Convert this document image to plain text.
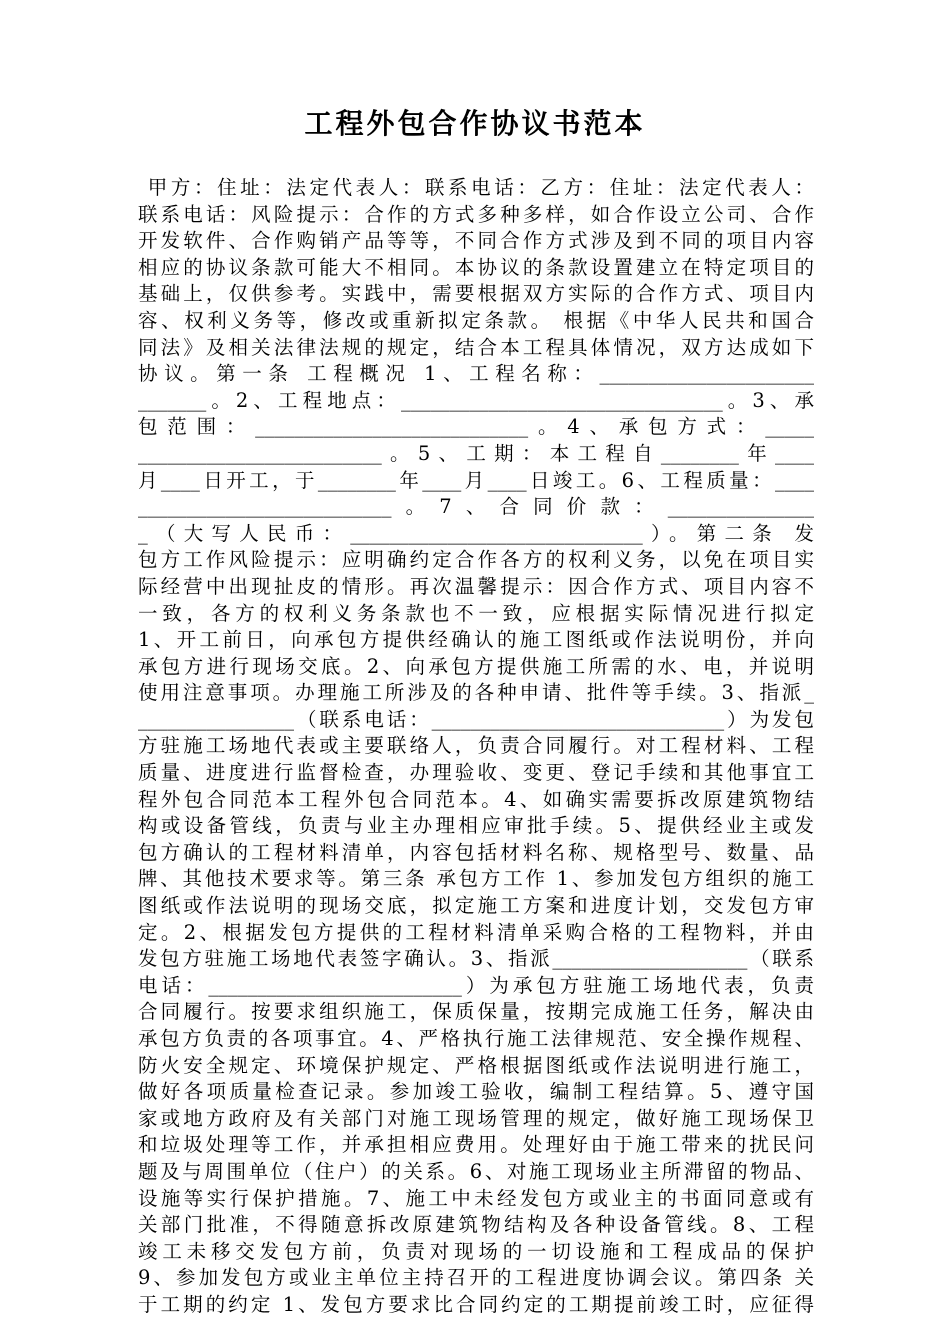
工程外包合作协议书范本
甲方：住址：法定代表人：联系电话：乙方：住址：法定代表人：
联系电话：风险提示：合作的方式多种多样，如合作设立公司、合作
开发软件、合作购销产品等等，不同合作方式涉及到不同的项目内容
相应的协议条款可能大不相同。本协议的条款设置建立在特定项目的
基础上，仅供参考。实践中，需要根据双方实际的合作方式、项目内
容、权利义务等，修改或重新拟定条款。 根据《中华人民共和国合
同法》及相关法律法规的规定，结合本工程具体情况，双方达成如下
协议。第一条 工程概况 1、工程名称：______________________
_______。2、工程地点：_________________________________。3、承
包范围：____________________________。4、承包方式：_____
_________________________。5、工期：本工程自________年____
月____日开工，于________年____月____日竣工。6、工程质量：____
__________________________。7、合同价款：_______________
_（大写人民币：______________________________）。第二条 发
包方工作风险提示：应明确约定合作各方的权利义务，以免在项目实
际经营中出现扯皮的情形。再次温馨提示：因合作方式、项目内容不
一致，各方的权利义务条款也不一致，应根据实际情况进行拟定
1、开工前日，向承包方提供经确认的施工图纸或作法说明份，并向
承包方进行现场交底。2、向承包方提供施工所需的水、电，并说明
使用注意事项。办理施工所涉及的各种申请、批件等手续。3、指派_
________________（联系电话：______________________________）为发包
方驻施工场地代表或主要联络人，负责合同履行。对工程材料、工程
质量、进度进行监督检查，办理验收、变更、登记手续和其他事宜工
程外包合同范本工程外包合同范本。4、如确实需要拆改原建筑物结
构或设备管线，负责与业主办理相应审批手续。5、提供经业主或发
包方确认的工程材料清单，内容包括材料名称、规格型号、数量、品
牌、其他技术要求等。第三条 承包方工作 1、参加发包方组织的施工
图纸或作法说明的现场交底，拟定施工方案和进度计划，交发包方审
定。2、根据发包方提供的工程材料清单采购合格的工程物料，并由
发包方驻施工场地代表签字确认。3、指派____________________（联系
电话：__________________________）为承包方驻施工场地代表，负责
合同履行。按要求组织施工，保质保量，按期完成施工任务，解决由
承包方负责的各项事宜。4、严格执行施工法律规范、安全操作规程、
防火安全规定、环境保护规定、严格根据图纸或作法说明进行施工，
做好各项质量检查记录。参加竣工验收，编制工程结算。5、遵守国
家或地方政府及有关部门对施工现场管理的规定，做好施工现场保卫
和垃圾处理等工作，并承担相应费用。处理好由于施工带来的扰民问
题及与周围单位（住户）的关系。6、对施工现场业主所滞留的物品、
设施等实行保护措施。7、施工中未经发包方或业主的书面同意或有
关部门批准，不得随意拆改原建筑物结构及各种设备管线。8、工程
竣工未移交发包方前，负责对现场的一切设施和工程成品的保护
9、参加发包方或业主单位主持召开的工程进度协调会议。第四条 关
于工期的约定 1、发包方要求比合同约定的工期提前竣工时，应征得
